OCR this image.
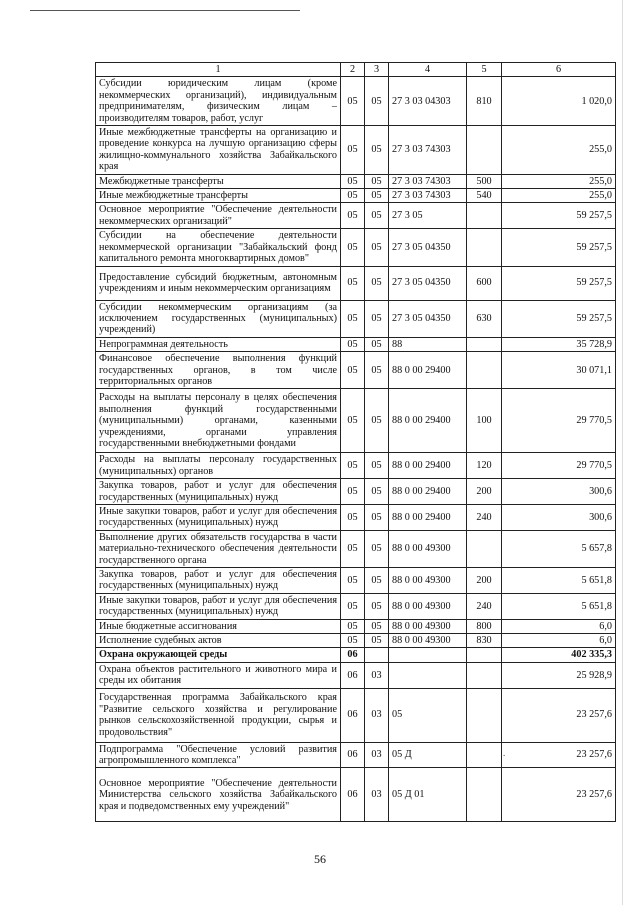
1	2	3	4	5	6
Субсидии юридическим лицам (кроме некоммерческих организаций), индивидуальным предпринимателям, физическим лицам – производителям товаров, работ, услуг	05	05	27 3 03 04303	810	1 020,0
Иные межбюджетные трансферты на организацию и проведение конкурса на лучшую организацию сферы жилищно-коммунального хозяйства Забайкальского края	05	05	27 3 03 74303		255,0
Межбюджетные трансферты	05	05	27 3 03 74303	500	255,0
Иные межбюджетные трансферты	05	05	27 3 03 74303	540	255,0
Основное мероприятие "Обеспечение деятельности некоммерческих организаций"	05	05	27 3 05		59 257,5
Субсидии на обеспечение деятельности некоммерческой организации "Забайкальский фонд капитального ремонта многоквартирных домов"	05	05	27 3 05 04350		59 257,5
Предоставление субсидий бюджетным, автономным учреждениям и иным некоммерческим организациям	05	05	27 3 05 04350	600	59 257,5
Субсидии некоммерческим организациям (за исключением государственных (муниципальных) учреждений)	05	05	27 3 05 04350	630	59 257,5
Непрограммная деятельность	05	05	88		35 728,9
Финансовое обеспечение выполнения функций государственных органов, в том числе территориальных органов	05	05	88 0 00 29400		30 071,1
Расходы на выплаты персоналу в целях обеспечения выполнения функций государственными (муниципальными) органами, казенными учреждениями, органами управления государственными внебюджетными фондами	05	05	88 0 00 29400	100	29 770,5
Расходы на выплаты персоналу государственных (муниципальных) органов	05	05	88 0 00 29400	120	29 770,5
Закупка товаров, работ и услуг для обеспечения государственных (муниципальных) нужд	05	05	88 0 00 29400	200	300,6
Иные закупки товаров, работ и услуг для обеспечения государственных (муниципальных) нужд	05	05	88 0 00 29400	240	300,6
Выполнение других обязательств государства в части материально-технического обеспечения деятельности государственного органа	05	05	88 0 00 49300		5 657,8
Закупка товаров, работ и услуг для обеспечения государственных (муниципальных) нужд	05	05	88 0 00 49300	200	5 651,8
Иные закупки товаров, работ и услуг для обеспечения государственных (муниципальных) нужд	05	05	88 0 00 49300	240	5 651,8
Иные бюджетные ассигнования	05	05	88 0 00 49300	800	6,0
Исполнение судебных актов	05	05	88 0 00 49300	830	6,0
Охрана окружающей среды	06				402 335,3
Охрана объектов растительного и животного мира и среды их обитания	06	03			25 928,9
Государственная программа Забайкальского края "Развитие сельского хозяйства и регулирование рынков сельскохозяйственной продукции, сырья и продовольствия"	06	03	05		23 257,6
Подпрограмма "Обеспечение условий развития агропромышленного комплекса"	06	03	05 Д		23 257,6
Основное мероприятие "Обеспечение деятельности Министерства сельского хозяйства Забайкальского края и подведомственных ему учреждений"	06	03	05 Д 01		23 257,6
.
56
